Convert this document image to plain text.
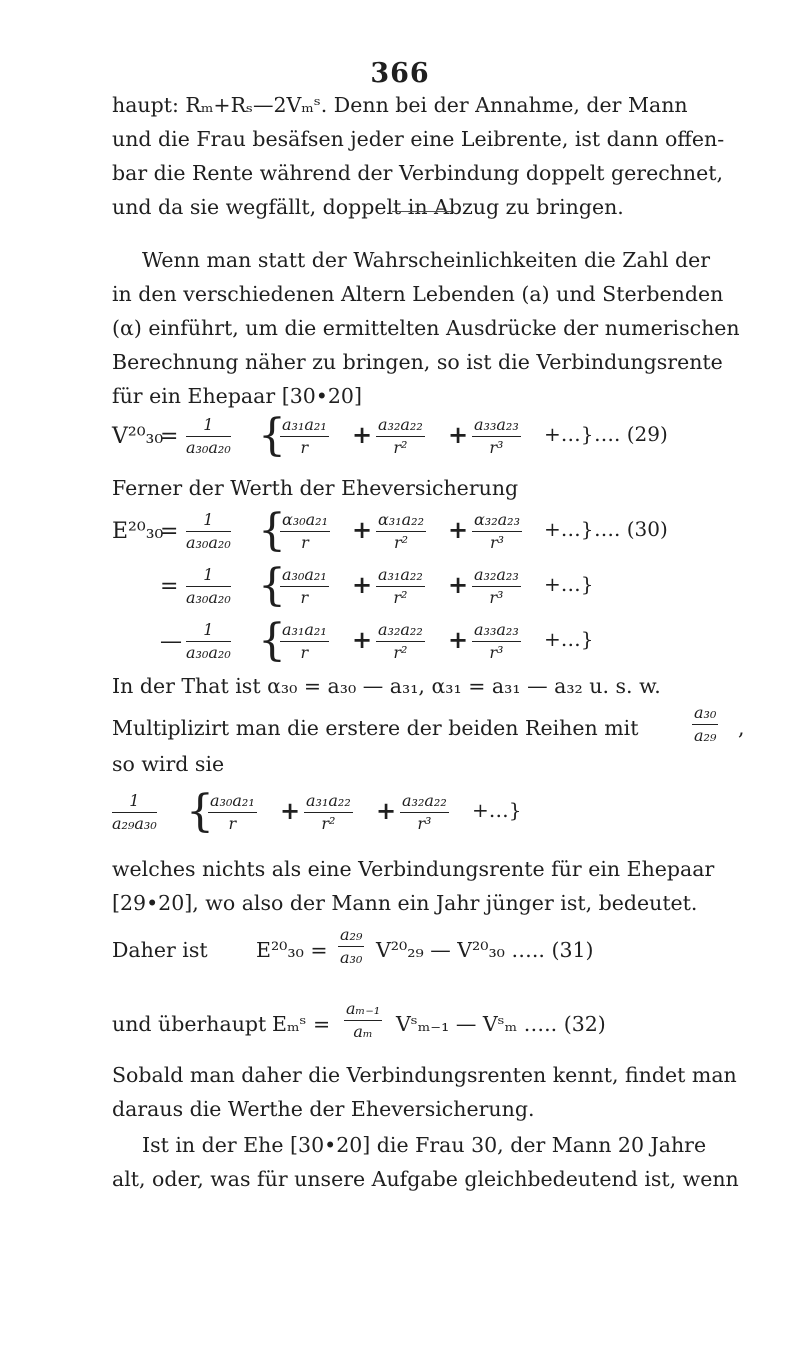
366

haupt: Rₘ+Rₛ—2Vₘˢ. Denn bei der Annahme, der Mann

und die Frau besäfsen jeder eine Leibrente, ist dann offen-

bar die Rente während der Verbindung doppelt gerechnet,

und da sie wegfällt, doppelt in Abzug zu bringen.

Wenn man statt der Wahrscheinlichkeiten die Zahl der

in den verschiedenen Altern Lebenden (a) und Sterbenden

(α) einführt, um die ermittelten Ausdrücke der numerischen

Berechnung näher zu bringen, so ist die Verbindungsrente

für ein Ehepaar [30•20]

V²⁰₃₀
= $\frac{1}{\text{a₃₀a₂₀}}$ {
$\frac{\text{a₃₁a₂₁}}{r} + \frac{\text{a₃₂a₂₂}}{\text{r²}} + \frac{\text{a₃₃a₂₃}}{\text{r³}}$ +…} …. (29)
Ferner der Werth der Eheversicherung
E²⁰₃₀
= $\frac{1}{\text{a₃₀a₂₀}}$ {
$\frac{\text{α₃₀a₂₁}}{r} + \frac{\text{α₃₁a₂₂}}{\text{r²}} + \frac{\text{α₃₂a₂₃}}{\text{r³}}$ +…} …. (30)
= $\frac{1}{\text{a₃₀a₂₀}}$ {
$\frac{\text{a₃₀a₂₁}}{r} + \frac{\text{a₃₁a₂₂}}{\text{r²}} + \frac{\text{a₃₂a₂₃}}{\text{r³}}$ +…}
— $\frac{1}{\text{a₃₀a₂₀}}$ {
$\frac{\text{a₃₁a₂₁}}{r} + \frac{\text{a₃₂a₂₂}}{\text{r²}} + \frac{\text{a₃₃a₂₃}}{\text{r³}}$ +…}
In der That ist α₃₀ = a₃₀ — a₃₁, α₃₁ = a₃₁ — a₃₂ u. s. w.
Multiplizirt man die erstere der beiden Reihen mit	$\frac{\text{a₃₀}}{\text{a₂₉}}$ ,
so wird sie
$\frac{1}{\text{a₂₉a₃₀}}$ {
$\frac{\text{a₃₀a₂₁}}{r} + \frac{\text{a₃₁a₂₂}}{\text{r²}} + \frac{\text{a₃₂a₂₂}}{\text{r³}}$ +…}

welches nichts als eine Verbindungsrente für ein Ehepaar

[29•20], wo also der Mann ein Jahr jünger ist, bedeutet.

Daher ist $E^{20}_{30} = \frac{\text{a₂₉}}{\text{a₃₀}} V^{20}_{29}$ — V²⁰₃₀ ….. (31)
und überhaupt Eₘˢ = $\frac{\text{aₘ₋₁}}{\text{aₘ}}$ Vˢₘ₋₁ — Vˢₘ ….. (32)

Sobald man daher die Verbindungsrenten kennt, findet man

daraus die Werthe der Eheversicherung.

Ist in der Ehe [30•20] die Frau 30, der Mann 20 Jahre

alt, oder, was für unsere Aufgabe gleichbedeutend ist, wenn
